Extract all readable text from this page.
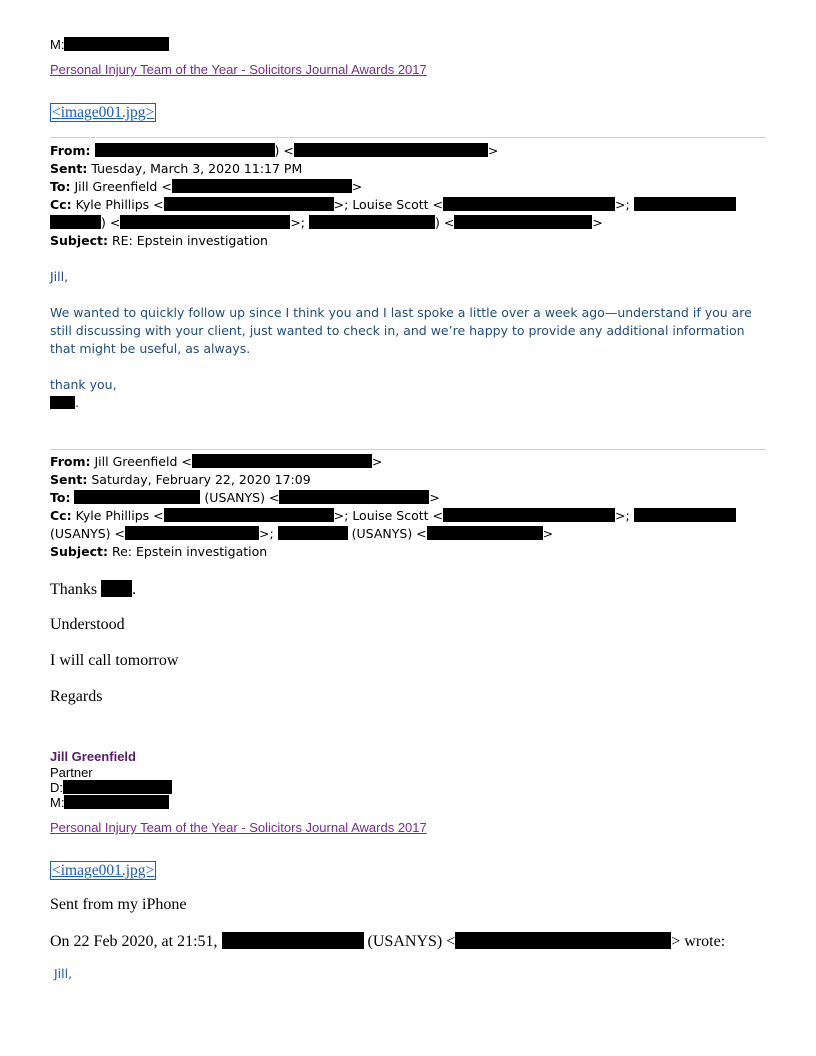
M:
Personal Injury Team of the Year - Solicitors Journal Awards 2017
<image001.jpg>
From:	) <	>
Sent: Tuesday, March 3, 2020 11:17 PM
To: Jill Greenfield <	>
Cc: Kyle Phillips <	>; Louise Scott <	>;
) <	>;	) <	>
Subject: RE: Epstein investigation
Jill,
We wanted to quickly follow up since I think you and I last spoke a little over a week ago—understand if you are still discussing with your client, just wanted to check in, and we’re happy to provide any additional information that might be useful, as always.
thank you,
.
From: Jill Greenfield <	>
Sent: Saturday, February 22, 2020 17:09
To:	(USANYS) <	>
Cc: Kyle Phillips <	>; Louise Scott <	>;
(USANYS) <	>;	(USANYS) <	>
Subject: Re: Epstein investigation
Thanks .
Understood
I will call tomorrow
Regards
Jill Greenfield
Partner
D:
M:
Personal Injury Team of the Year - Solicitors Journal Awards 2017
<image001.jpg>
Sent from my iPhone
On 22 Feb 2020, at 21:51,	(USANYS) <	> wrote:
Jill,
